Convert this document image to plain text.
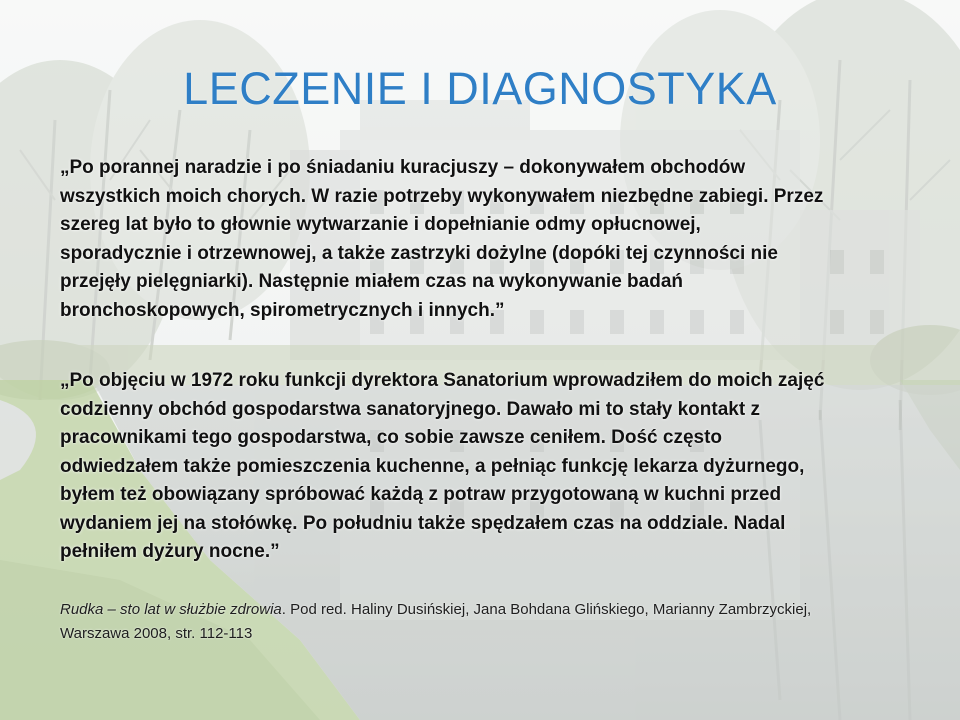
LECZENIE I DIAGNOSTYKA
„Po porannej naradzie i po śniadaniu kuracjuszy – dokonywałem obchodów
wszystkich moich chorych. W razie potrzeby wykonywałem niezbędne zabiegi. Przez
szereg lat było to głownie wytwarzanie i dopełnianie odmy opłucnowej,
sporadycznie i otrzewnowej, a także zastrzyki dożylne (dopóki tej czynności nie
przejęły pielęgniarki). Następnie miałem czas na wykonywanie badań
bronchoskopowych, spirometrycznych i innych.”
„Po objęciu w 1972 roku funkcji dyrektora Sanatorium wprowadziłem do moich zajęć
codzienny obchód gospodarstwa sanatoryjnego. Dawało mi to stały kontakt z
pracownikami tego gospodarstwa, co sobie zawsze ceniłem. Dość często
odwiedzałem także pomieszczenia kuchenne, a pełniąc funkcję lekarza dyżurnego,
byłem też obowiązany spróbować każdą z potraw przygotowaną w kuchni przed
wydaniem jej na stołówkę. Po południu także spędzałem czas na oddziale. Nadal
pełniłem dyżury nocne.”
Rudka – sto lat w służbie zdrowia. Pod red. Haliny Dusińskiej, Jana Bohdana Glińskiego, Marianny Zambrzyckiej,
Warszawa 2008, str. 112-113
